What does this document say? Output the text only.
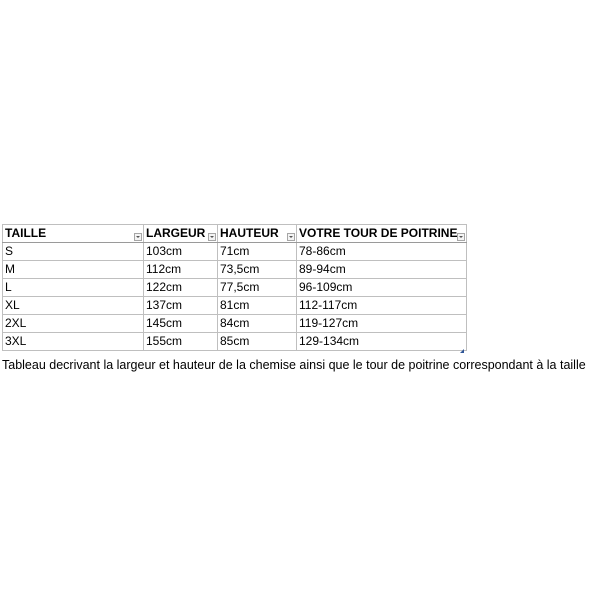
TAILLE	LARGEUR	HAUTEUR	VOTRE TOUR DE POITRINE

S	103cm	71cm	78-86cm
M	112cm	73,5cm	89-94cm
L	122cm	77,5cm	96-109cm
XL	137cm	81cm	112-117cm
2XL	145cm	84cm	119-127cm
3XL	155cm	85cm	129-134cm
Tableau decrivant la largeur et hauteur de la chemise ainsi que le tour de poitrine correspondant à la taille
